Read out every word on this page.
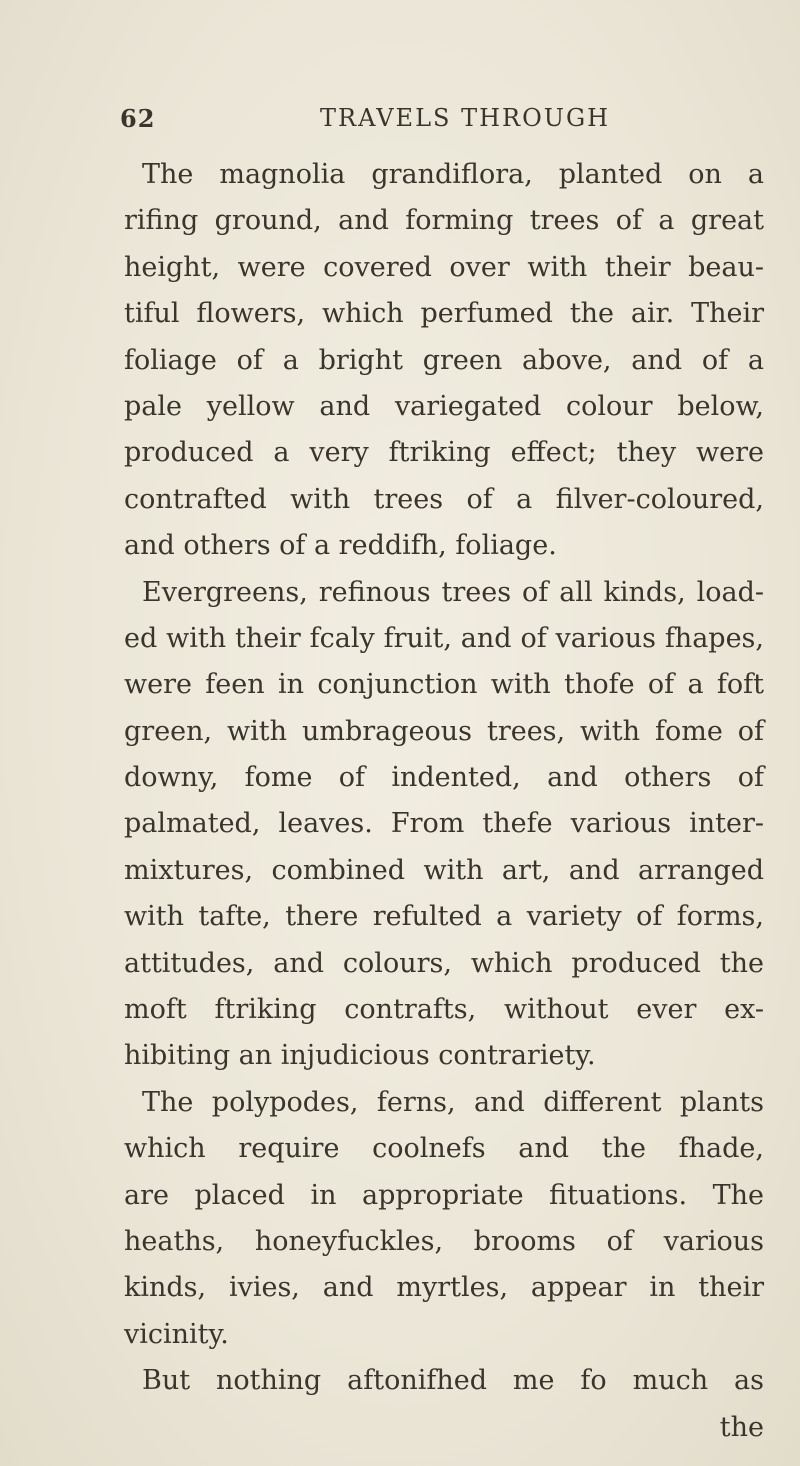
62	TRAVELS THROUGH
The magnolia grandiflora, planted on a
rifing ground, and forming trees of a great
height, were covered over with their beau-
tiful flowers, which perfumed the air. Their
foliage of a bright green above, and of a
pale yellow and variegated colour below,
produced a very ftriking effect; they were
contrafted with trees of a filver-coloured,
and others of a reddifh, foliage.
Evergreens, refinous trees of all kinds, load-
ed with their fcaly fruit, and of various fhapes,
were feen in conjunction with thofe of a foft
green, with umbrageous trees, with fome of
downy, fome of indented, and others of
palmated, leaves. From thefe various inter-
mixtures, combined with art, and arranged
with tafte, there refulted a variety of forms,
attitudes, and colours, which produced the
moft ftriking contrafts, without ever ex-
hibiting an injudicious contrariety.
The polypodes, ferns, and different plants
which require coolnefs and the fhade,
are placed in appropriate fituations. The
heaths, honeyfuckles, brooms of various
kinds, ivies, and myrtles, appear in their
vicinity.
But nothing aftonifhed me fo much as
the
